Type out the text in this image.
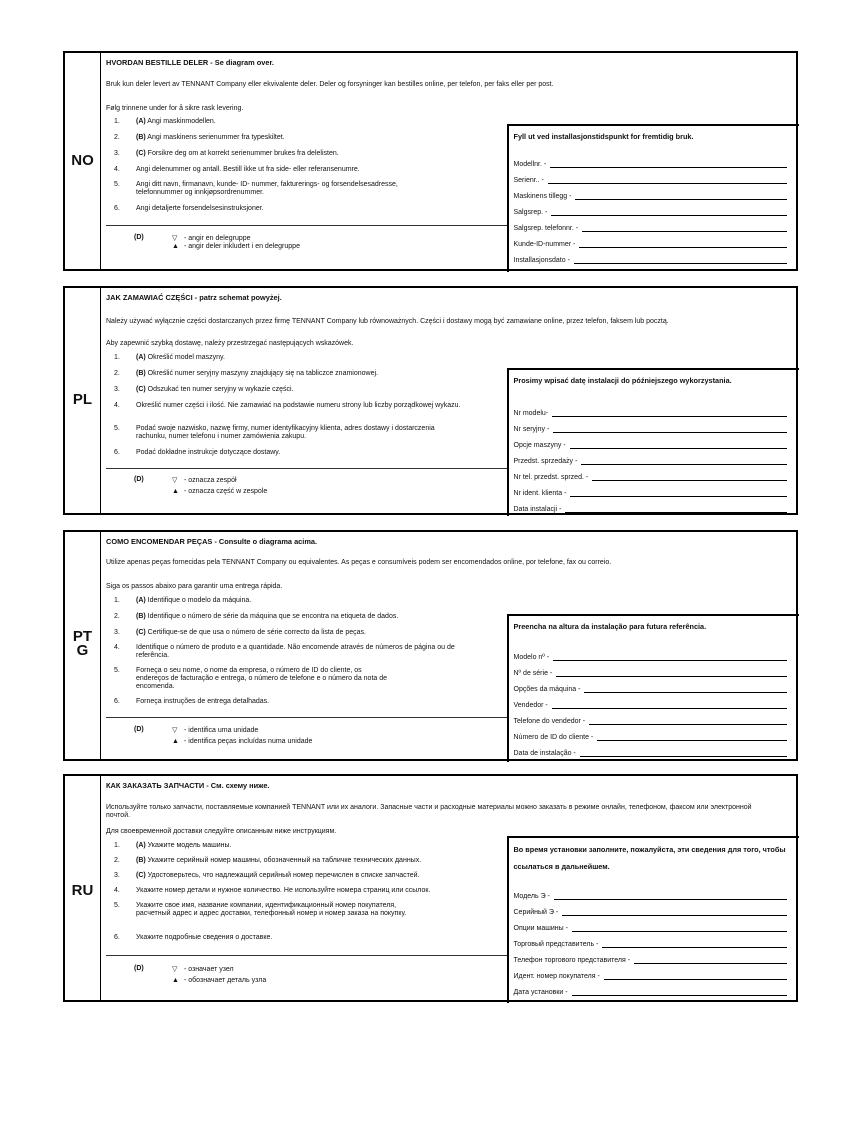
NO
HVORDAN BESTILLE DELER - Se diagram over.
Bruk kun deler levert av TENNANT Company eller ekvivalente deler. Deler og forsyninger kan bestilles online, per telefon, per faks eller per post.
Følg trinnene under for å sikre rask levering.
1. (A) Angi maskinmodellen.
2. (B) Angi maskinens serienummer fra typeskiltet.
3. (C) Forsikre deg om at korrekt serienummer brukes fra delelisten.
4. Angi delenummer og antall. Bestill ikke ut fra side- eller referansenumre.
5. Angi ditt navn, firmanavn, kunde- ID- nummer, fakturerings- og forsendelsesadresse, telefonnummer og innkjøpsordrenummer.
6. Angi detaljerte forsendelsesinstruksjoner.
(D)	▽ - angir en delegruppe
▲ - angir deler inkludert i en delegruppe
Fyll ut ved installasjonstidspunkt for fremtidig bruk.
Modellnr. -
Serienr.. -
Maskinens tillegg -
Salgsrep. -
Salgsrep. telefonnr. -
Kunde-ID-nummer -
Installasjonsdato -
PL
JAK ZAMAWIAĆ CZĘŚCI - patrz schemat powyżej.
Należy używać wyłącznie części dostarczanych przez firmę TENNANT Company lub równoważnych. Części i dostawy mogą być zamawiane online, przez telefon, faksem lub pocztą.
Aby zapewnić szybką dostawę, należy przestrzegać następujących wskazówek.
1. (A) Określić model maszyny.
2. (B) Określić numer seryjny maszyny znajdujący się na tabliczce znamionowej.
3. (C) Odszukać ten numer seryjny w wykazie części.
4. Określić numer części i ilość. Nie zamawiać na podstawie numeru strony lub liczby porządkowej wykazu.
5. Podać swoje nazwisko, nazwę firmy, numer identyfikacyjny klienta, adres dostawy i dostarczenia rachunku, numer telefonu i numer zamówienia zakupu.
6. Podać dokładne instrukcje dotyczące dostawy.
(D)	▽ - oznacza zespół
▲ - oznacza część w zespole
Prosimy wpisać datę instalacji do późniejszego wykorzystania.
Nr modelu-
Nr seryjny -
Opcje maszyny -
Przedst. sprzedaży -
Nr tel. przedst. sprzed. -
Nr ident. klienta -
Data instalacji -
PT
G
COMO ENCOMENDAR PEÇAS - Consulte o diagrama acima.
Utilize apenas peças fornecidas pela TENNANT Company ou equivalentes. As peças e consumíveis podem ser encomendados online, por telefone, fax ou correio.
Siga os passos abaixo para garantir uma entrega rápida.
1. (A) Identifique o modelo da máquina.
2. (B) Identifique o número de série da máquina que se encontra na etiqueta de dados.
3. (C) Certifique-se de que usa o número de série correcto da lista de peças.
4. Identifique o número de produto e a quantidade. Não encomende através de números de página ou de referência.
5. Forneça o seu nome, o nome da empresa, o número de ID do cliente, os endereços de facturação e entrega, o número de telefone e o número da nota de encomenda.
6. Forneça instruções de entrega detalhadas.
(D)	▽ - identifica uma unidade
▲ - identifica peças incluídas numa unidade
Preencha na altura da instalação para futura referência.
Modelo nº -
Nº de série -
Opções da máquina -
Vendedor -
Telefone do vendedor -
Número de ID do cliente -
Data de instalação -
RU
КАК ЗАКАЗАТЬ ЗАПЧАСТИ - См. схему ниже.
Используйте только запчасти, поставляемые компанией TENNANT или их аналоги. Запасные части и расходные материалы можно заказать в режиме онлайн, телефоном, факсом или электронной почтой.
Для своевременной доставки следуйте описанным ниже инструкциям.
1. (A) Укажите модель машины.
2. (B) Укажите серийный номер машины, обозначенный на табличке технических данных.
3. (C) Удостоверьтесь, что надлежащий серийный номер перечислен в списке запчастей.
4. Укажите номер детали и нужное количество. Не используйте номера страниц или ссылок.
5. Укажите свое имя, название компании, идентификационный номер покупателя, расчетный адрес и адрес доставки, телефонный номер и номер заказа на покупку.
6. Укажите подробные сведения о доставке.
(D)	▽ - означает узел
▲ - обозначает деталь узла
Во время установки заполните, пожалуйста, эти сведения для того, чтобы ссылаться в дальнейшем.
Модель Э -
Серийный Э -
Опции машины -
Торговый представитель -
Телефон торгового представителя -
Идент. номер покупателя -
Дата установки -
